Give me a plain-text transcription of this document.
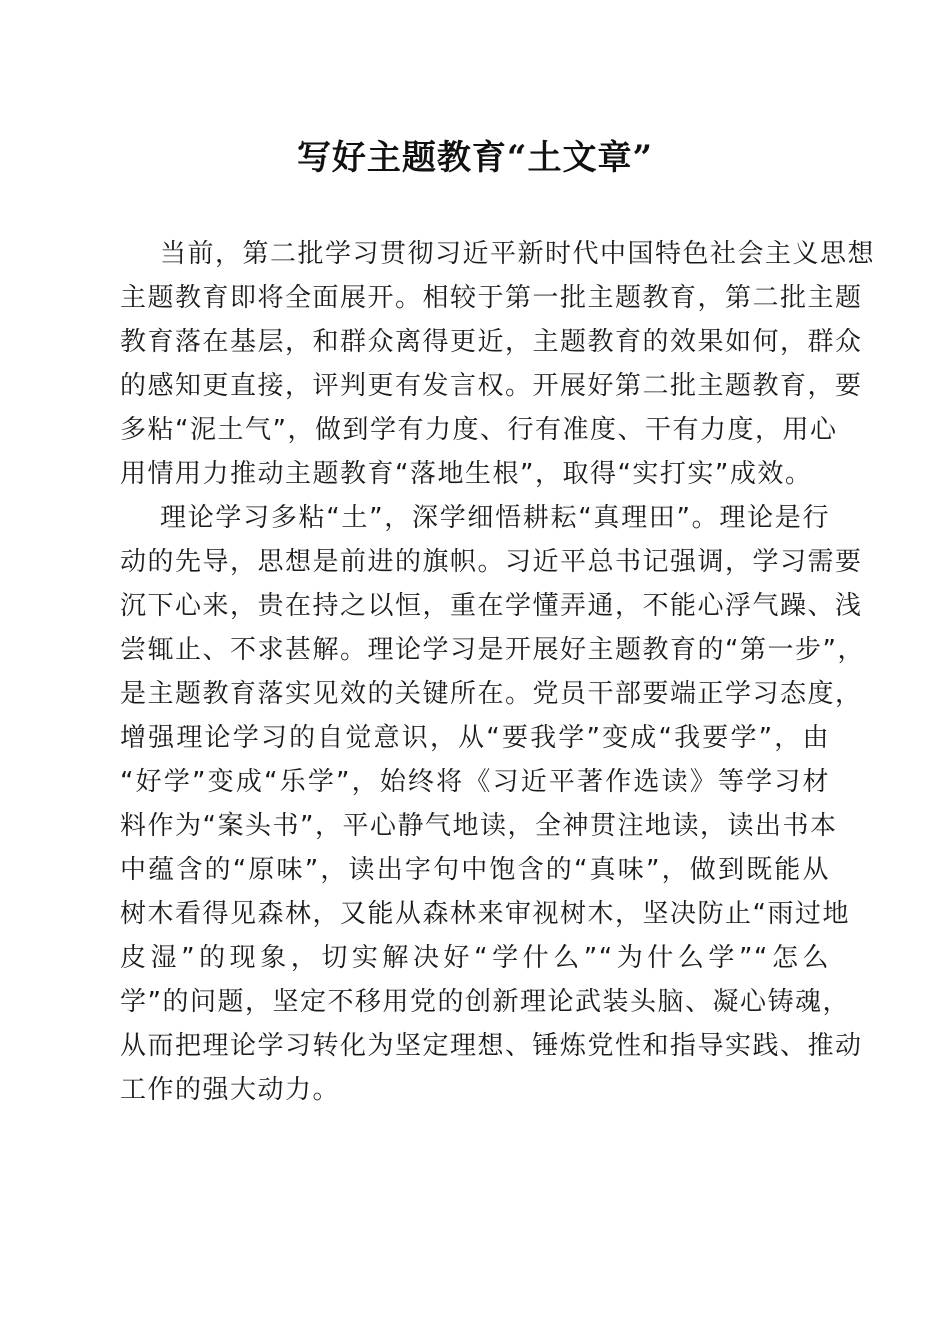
写好主题教育“土文章”
当前，第二批学习贯彻习近平新时代中国特色社会主义思想
主题教育即将全面展开。相较于第一批主题教育，第二批主题
教育落在基层，和群众离得更近，主题教育的效果如何，群众
的感知更直接，评判更有发言权。开展好第二批主题教育，要
多粘“泥土气”，做到学有力度、行有准度、干有力度，用心
用情用力推动主题教育“落地生根”，取得“实打实”成效。
理论学习多粘“土”，深学细悟耕耘“真理田”。理论是行
动的先导，思想是前进的旗帜。习近平总书记强调，学习需要
沉下心来，贵在持之以恒，重在学懂弄通，不能心浮气躁、浅
尝辄止、不求甚解。理论学习是开展好主题教育的“第一步”，
是主题教育落实见效的关键所在。党员干部要端正学习态度，
增强理论学习的自觉意识，从“要我学”变成“我要学”，由
“好学”变成“乐学”，始终将《习近平著作选读》等学习材
料作为“案头书”，平心静气地读，全神贯注地读，读出书本
中蕴含的“原味”，读出字句中饱含的“真味”，做到既能从
树木看得见森林，又能从森林来审视树木，坚决防止“雨过地
皮湿”的现象，切实解决好“学什么”“为什么学”“怎么
学”的问题，坚定不移用党的创新理论武装头脑、凝心铸魂，
从而把理论学习转化为坚定理想、锤炼党性和指导实践、推动
工作的强大动力。
